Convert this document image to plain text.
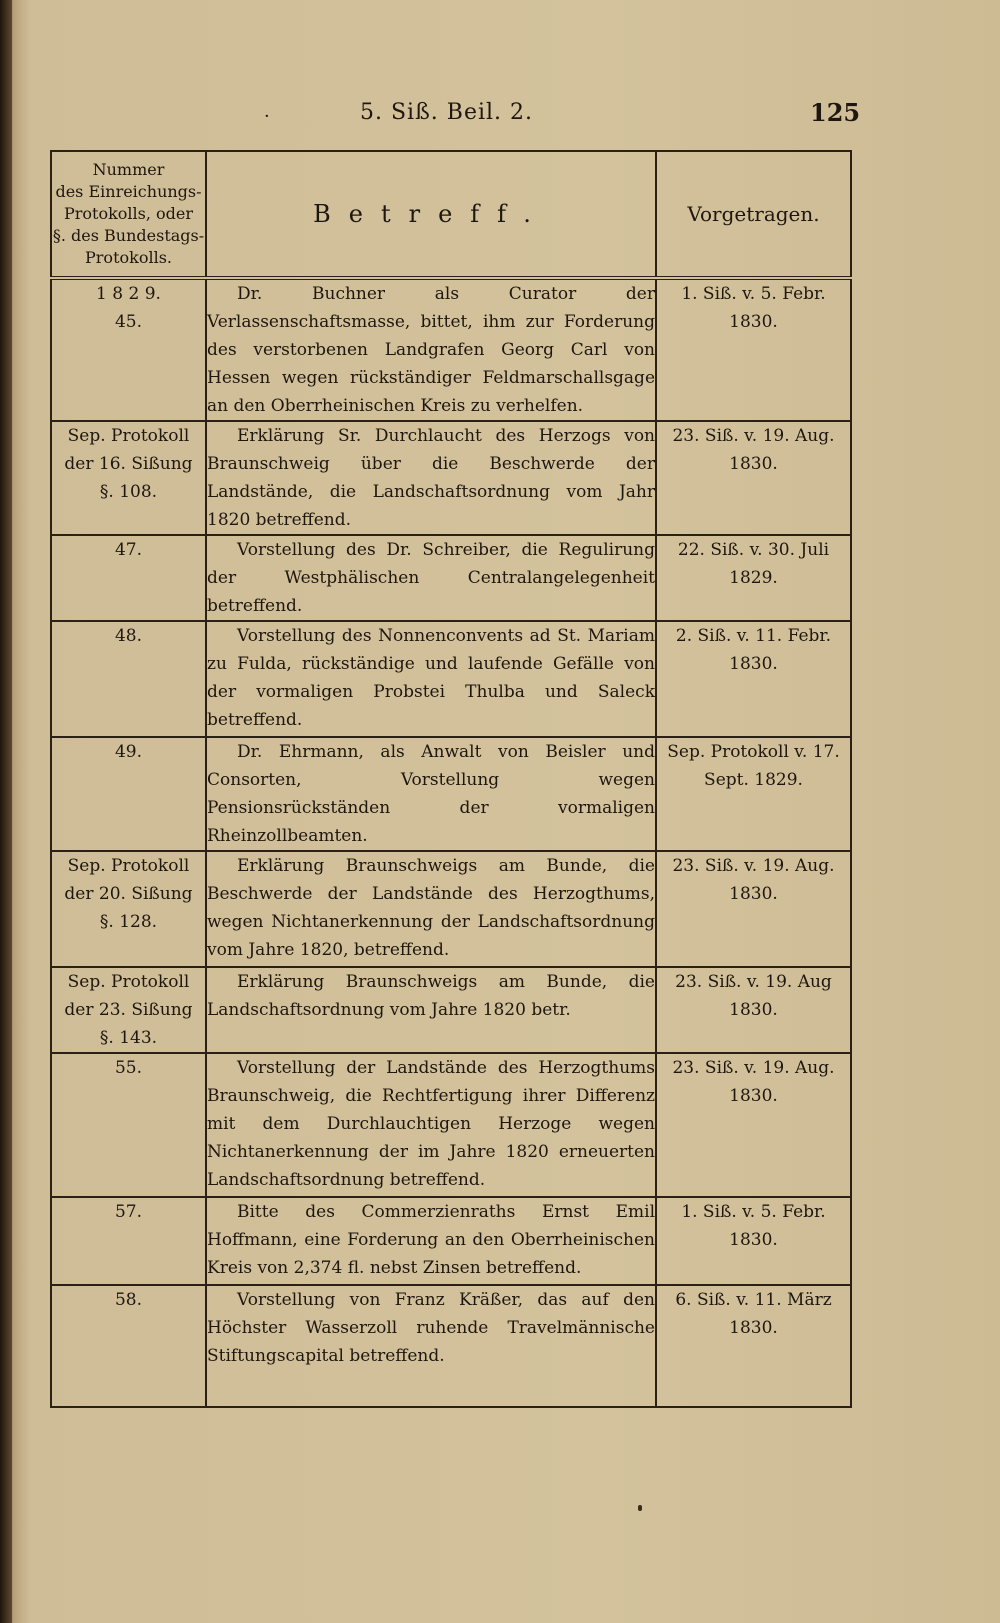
·	5. Siß. Beil. 2.	125
Nummer
des Einreichungs-
Protokolls, oder
§. des Bundestags-
Protokolls.	Betreff.	Vorgetragen.

1 8 2 9.
45.	Dr. Buchner als Curator der Verlassenschaftsmasse, bittet, ihm zur Forderung des verstorbenen Landgrafen Georg Carl von Hessen wegen rückständiger Feldmarschallsgage an den Oberrheinischen Kreis zu verhelfen.	1. Siß. v. 5. Febr.
1830.

Sep. Protokoll
der 16. Sißung
§. 108.	Erklärung Sr. Durchlaucht des Herzogs von Braunschweig über die Beschwerde der Landstände, die Landschaftsordnung vom Jahr 1820 betreffend.	23. Siß. v. 19. Aug.
1830.

47.	Vorstellung des Dr. Schreiber, die Regulirung der Westphälischen Centralangelegenheit betreffend.	22. Siß. v. 30. Juli
1829.

48.	Vorstellung des Nonnenconvents ad St. Mariam zu Fulda, rückständige und laufende Gefälle von der vormaligen Probstei Thulba und Saleck betreffend.	2. Siß. v. 11. Febr.
1830.

49.	Dr. Ehrmann, als Anwalt von Beisler und Consorten, Vorstellung wegen Pensionsrückständen der vormaligen Rheinzollbeamten.	Sep. Protokoll v. 17.
Sept. 1829.

Sep. Protokoll
der 20. Sißung
§. 128.	Erklärung Braunschweigs am Bunde, die Beschwerde der Landstände des Herzogthums, wegen Nichtanerkennung der Landschaftsordnung vom Jahre 1820, betreffend.	23. Siß. v. 19. Aug.
1830.

Sep. Protokoll
der 23. Sißung
§. 143.	Erklärung Braunschweigs am Bunde, die Landschaftsordnung vom Jahre 1820 betr.	23. Siß. v. 19. Aug
1830.

55.	Vorstellung der Landstände des Herzogthums Braunschweig, die Rechtfertigung ihrer Differenz mit dem Durchlauchtigen Herzoge wegen Nichtanerkennung der im Jahre 1820 erneuerten Landschaftsordnung betreffend.	23. Siß. v. 19. Aug.
1830.

57.	Bitte des Commerzienraths Ernst Emil Hoffmann, eine Forderung an den Oberrheinischen Kreis von 2,374 fl. nebst Zinsen betreffend.	1. Siß. v. 5. Febr.
1830.

58.	Vorstellung von Franz Kräßer, das auf den Höchster Wasserzoll ruhende Travelmännische Stiftungscapital betreffend.	6. Siß. v. 11. März
1830.
